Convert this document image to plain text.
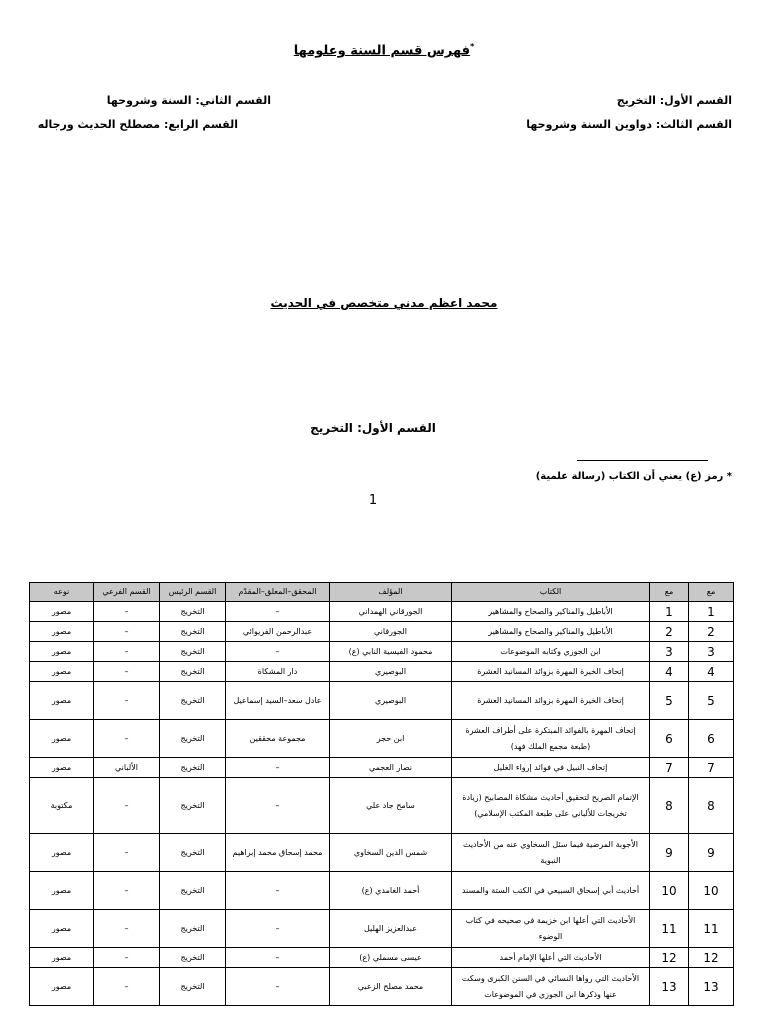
فهرس قسم السنة وعلومها*
القسم الأول: التخريج
القسم الثاني: السنة وشروحها
القسم الثالث: دواوين السنة وشروحها
القسم الرابع: مصطلح الحديث ورجاله
محمد اعظم مدني متخصص في الحديث
القسم الأول: التخريج
* رمز (ع) يعني أن الكتاب (رسالة علمية)
1
مع	مع	الكتاب	المؤلف	المحقق–المعلق–المقدّم	القسم الرئيس	القسم الفرعي	نوعه
1	1	الأباطيل والمناكير والصحاح والمشاهير	الجورقاني الهمداني	–	التخريج	–	مصور
2	2	الأباطيل والمناكير والصحاح والمشاهير	الجورقاني	عبدالرحمن الفريوائي	التخريج	–	مصور
3	3	ابن الجوزي وكتابه الموضوعات	محمود الفيسية النابي (ع)	–	التخريج	–	مصور
4	4	إتحاف الخيرة المهرة بزوائد المسانيد العشرة	البوصيري	دار المشكاة	التخريج	–	مصور
5	5	إتحاف الخيرة المهرة بزوائد المسانيد العشرة	البوصيري	عادل سعد–السيد إسماعيل	التخريج	–	مصور
6	6	إتحاف المهرة بالفوائد المبتكرة على أطراف العشرة (طبعة مجمع الملك فهد)	ابن حجر	مجموعة محققين	التخريج	–	مصور
7	7	إتحاف النبيل في فوائد إرواء الغليل	نصار العجمي	–	التخريج	الألباني	مصور
8	8	الإتمام الصريح لتحقيق أحاديث مشكاة المصابيح (زيادة تخريجات للألباني على طبعة المكتب الإسلامي)	سامح جاد علي	–	التخريج	–	مكتوبة
9	9	الأجوبة المرضية فيما سئل السخاوي عنه من الأحاديث النبوية	شمس الدين السخاوي	محمد إسحاق محمد إبراهيم	التخريج	–	مصور
10	10	أحاديث أبي إسحاق السبيعي في الكتب الستة والمسند	أحمد الغامدي (ع)	–	التخريج	–	مصور
11	11	الأحاديث التي أعلها ابن خزيمة في صحيحه في كتاب الوضوء	عبدالعزيز الهليل	–	التخريج	–	مصور
12	12	الأحاديث التي أعلها الإمام أحمد	عيسى مسملي (ع)	–	التخريج	–	مصور
13	13	الأحاديث التي رواها النسائي في السنن الكبرى وسكت عنها وذكرها ابن الجوزي في الموضوعات	محمد مصلح الزعبي	–	التخريج	–	مصور
